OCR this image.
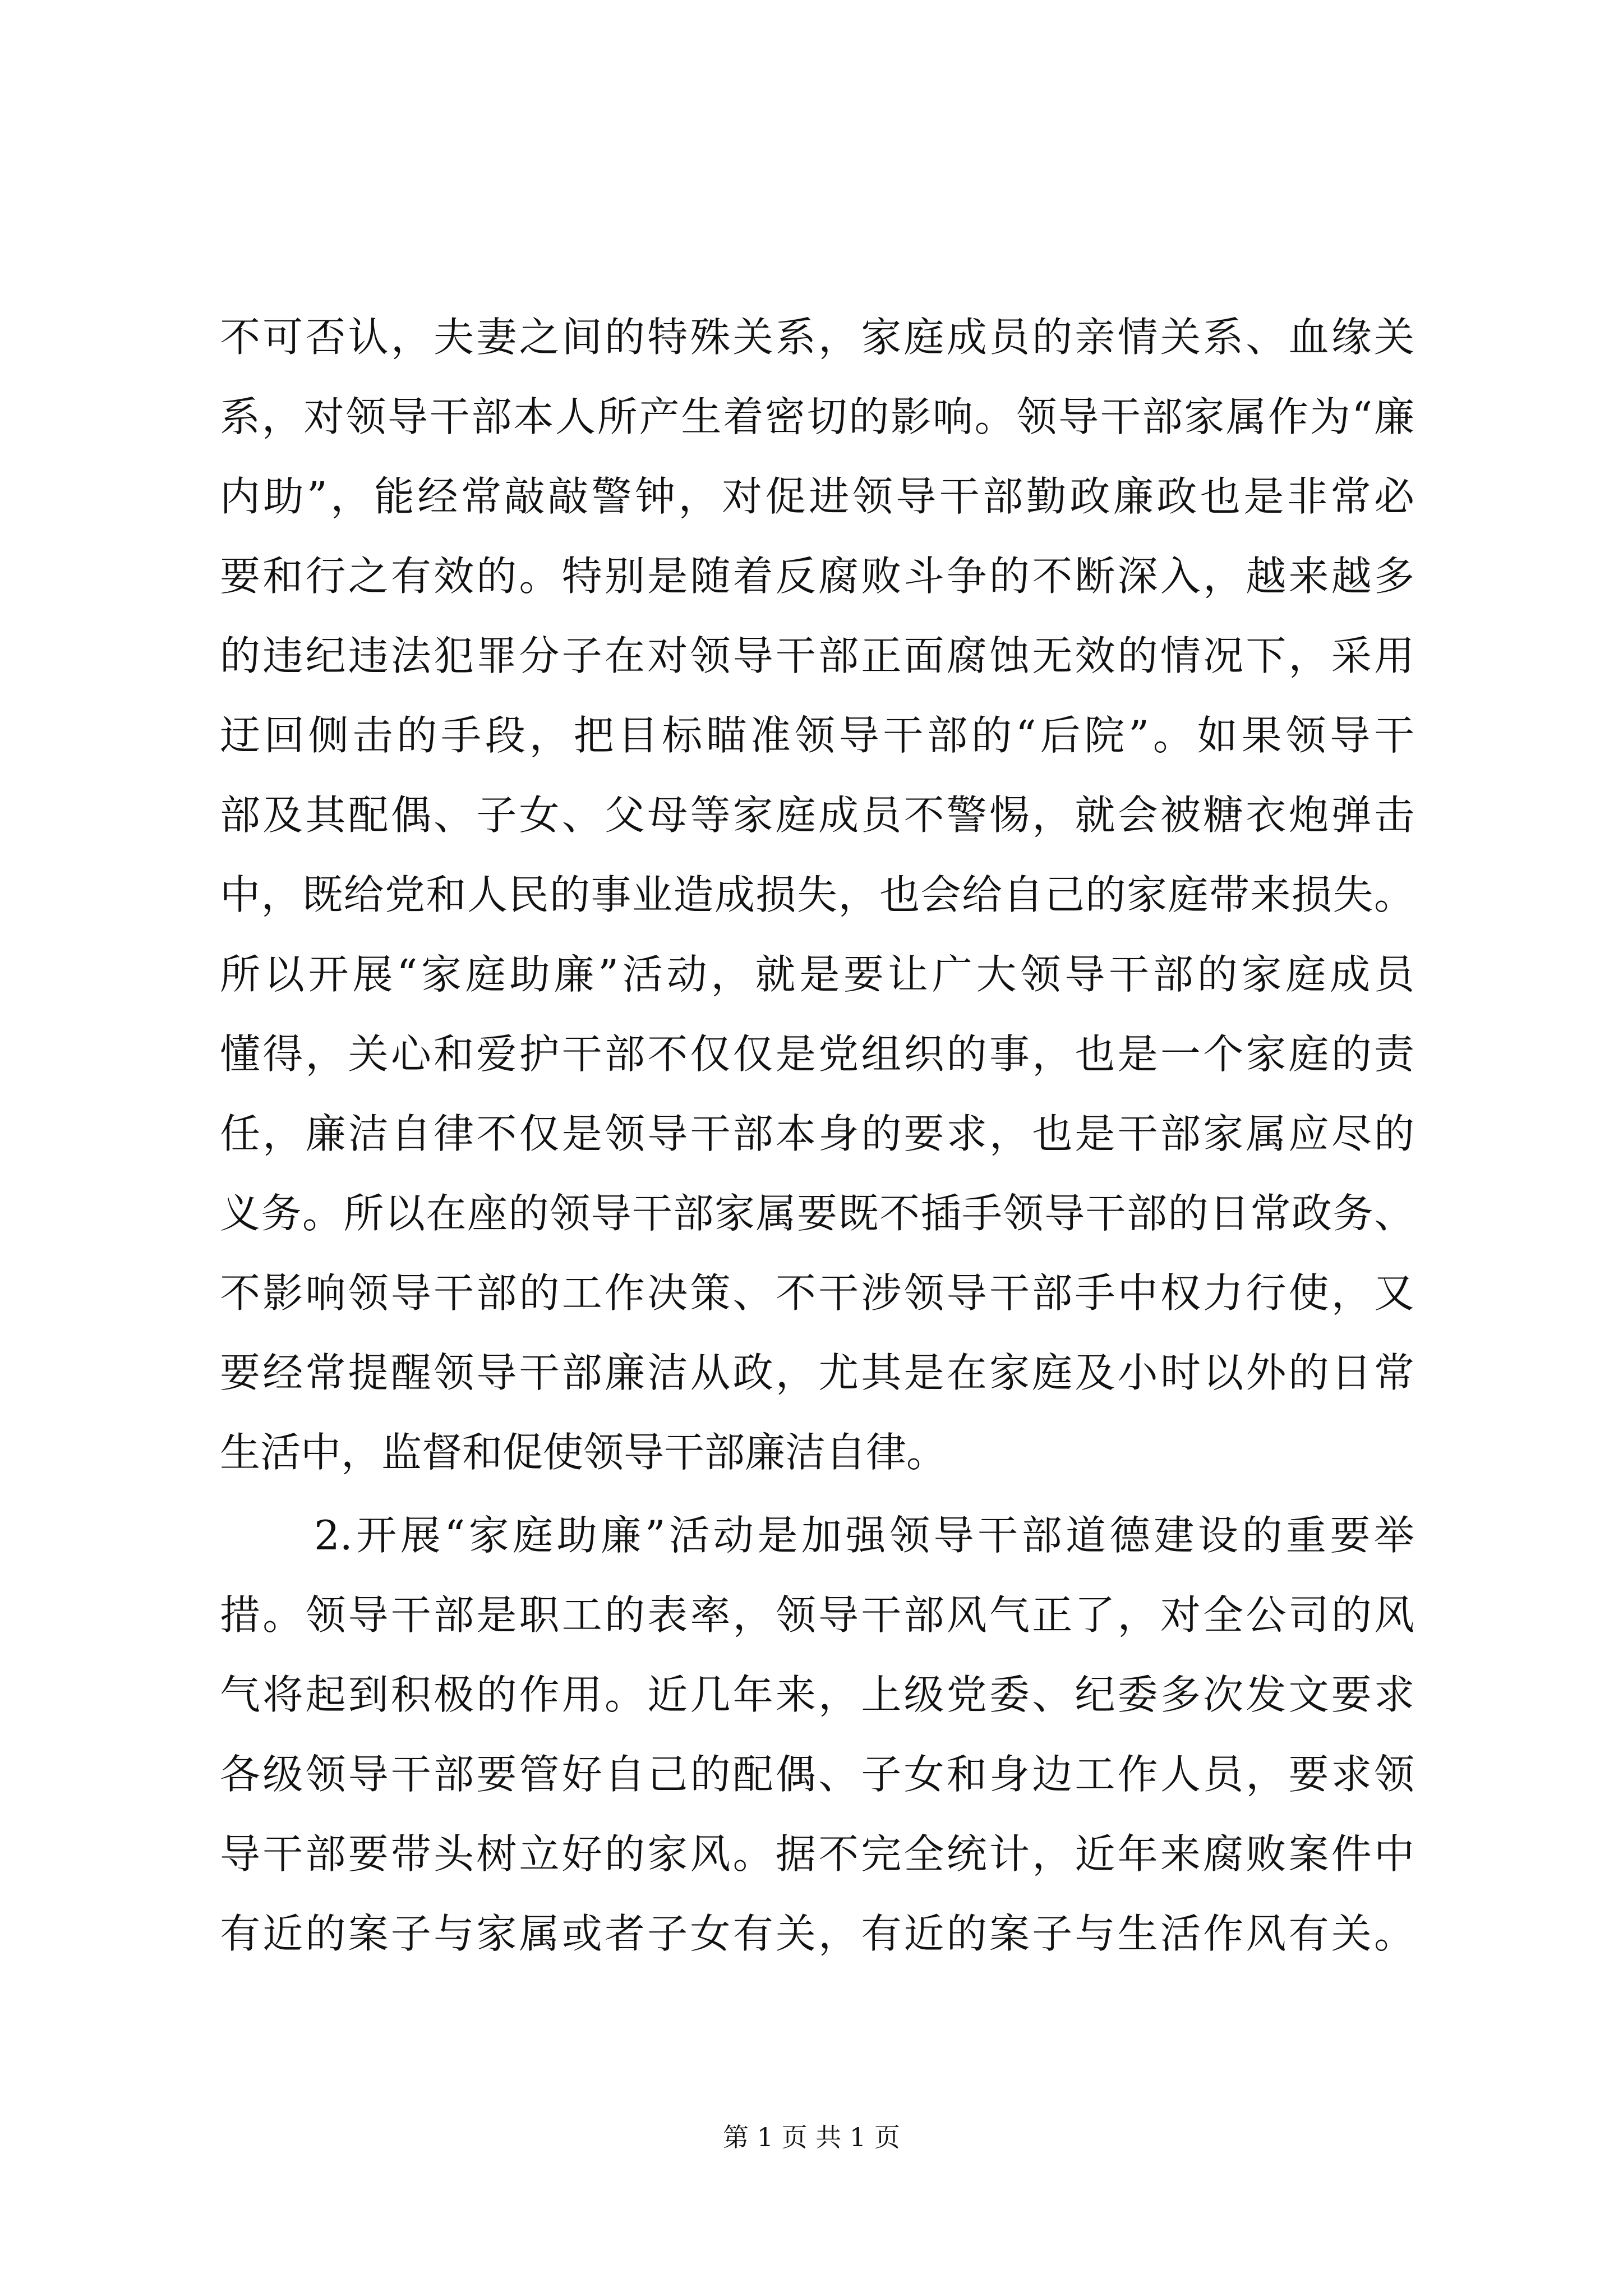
不可否认，夫妻之间的特殊关系，家庭成员的亲情关系、血缘关
系，对领导干部本人所产生着密切的影响。领导干部家属作为“廉
内助”，能经常敲敲警钟，对促进领导干部勤政廉政也是非常必
要和行之有效的。特别是随着反腐败斗争的不断深入，越来越多
的违纪违法犯罪分子在对领导干部正面腐蚀无效的情况下，采用
迂回侧击的手段，把目标瞄准领导干部的“后院”。如果领导干
部及其配偶、子女、父母等家庭成员不警惕，就会被糖衣炮弹击
中，既给党和人民的事业造成损失，也会给自己的家庭带来损失。
所以开展“家庭助廉”活动，就是要让广大领导干部的家庭成员
懂得，关心和爱护干部不仅仅是党组织的事，也是一个家庭的责
任，廉洁自律不仅是领导干部本身的要求，也是干部家属应尽的
义务。所以在座的领导干部家属要既不插手领导干部的日常政务、
不影响领导干部的工作决策、不干涉领导干部手中权力行使，又
要经常提醒领导干部廉洁从政，尤其是在家庭及小时以外的日常
生活中，监督和促使领导干部廉洁自律。
2.开展“家庭助廉”活动是加强领导干部道德建设的重要举
措。领导干部是职工的表率，领导干部风气正了，对全公司的风
气将起到积极的作用。近几年来，上级党委、纪委多次发文要求
各级领导干部要管好自己的配偶、子女和身边工作人员，要求领
导干部要带头树立好的家风。据不完全统计，近年来腐败案件中
有近的案子与家属或者子女有关，有近的案子与生活作风有关。
第 1 页 共 1 页
